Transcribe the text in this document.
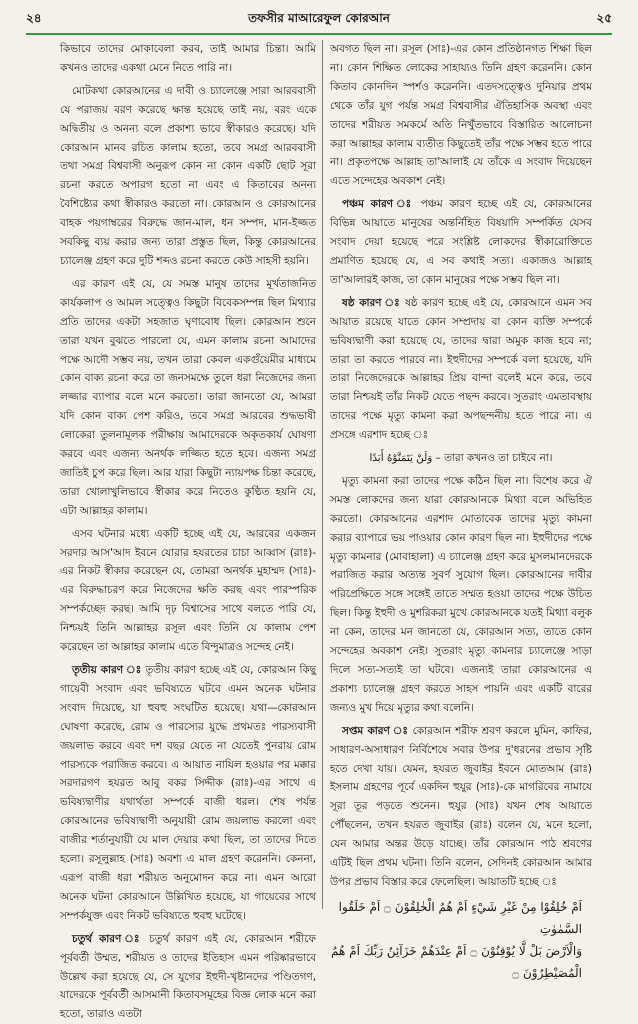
২৪	তফসীর মাআরেফুল কোরআন	২৫

কিভাবে তাদের মোকাবেলা করব, তাই আমার চিন্তা। আমি কখনও তাদের একথা মেনে নিতে পারি না।

মোটকথা কোরআনের এ দাবী ও চ্যালেঞ্জে সারা আরববাসী যে পরাজয় বরণ করেছে ক্ষান্ত হয়েছে তাই নয়, বরং একে অদ্বিতীয় ও অনন্য বলে প্রকাশ্য ভাবে স্বীকারও করেছে। যদি কোরআন মানব রচিত কালাম হতো, তবে সমগ্র আরববাসী তথা সমগ্র বিশ্ববাসী অনুরূপ কোন না কোন একটি ছোট সূরা রচনা করতে অপারগ হতো না এবং এ কিতাবের অনন্য বৈশিষ্ট্যের কথা স্বীকারও করতো না। কোরআন ও কোরআনের বাহক পয়গাম্বরের বিরুদ্ধে জান-মাল, ধন সম্পদ, মান-ইজ্জত সবকিছু ব্যয় করার জন্য তারা প্রস্তুত ছিল, কিন্তু কোরআনের চ্যালেঞ্জ গ্রহণ করে দুটি শব্দও রচনা করতে কেউ সাহসী হয়নি।

এর কারণ এই যে, যে সমস্ত মানুষ তাদের মূর্খতাজনিত কার্যকলাপ ও আমল সত্ত্বেও কিছুটা বিবেকসম্পন্ন ছিল মিথ্যার প্রতি তাদের একটা সহজাত ঘৃণাবোধ ছিল। কোরআন শুনে তারা যখন বুঝতে পারলো যে, এমন কালাম রচনা আমাদের পক্ষে আদৌ সম্ভব নয়, তখন তারা কেবল একগুঁয়েমীর মাধ্যমে কোন বাক্য রচনা করে তা জনসমক্ষে তুলে ধরা নিজেদের জন্য লজ্জার ব্যাপার বলে মনে করতো। তারা জানতো যে, আমরা যদি কোন বাক্য পেশ করিও, তবে সমগ্র আরবের শুদ্ধভাষী লোকেরা তুলনামূলক পরীক্ষায় আমাদেরকে অকৃতকার্য ঘোষণা করবে এবং এজন্য অনর্থক লজ্জিত হতে হবে। এজন্য সমগ্র জাতিই চুপ করে ছিল। আর যারা কিছুটা ন্যায়পক্ষ চিন্তা করেছে, তারা খোলাখুলিভাবে স্বীকার করে নিতেও কুণ্ঠিত হয়নি যে, এটা আল্লাহর কালাম।

এসব ঘটনার মধ্যে একটি হচ্ছে এই যে, আরবের একজন সরদার আস'আদ ইবনে যোরার হযরতের চাচা আব্বাস (রাঃ)-এর নিকট স্বীকার করেছেন যে, তোমরা অনর্থক মুহাম্মদ (সাঃ)-এর বিরুদ্ধাচরণ করে নিজেদের ক্ষতি করছ এবং পারস্পরিক সম্পর্কচ্ছেদ করছ। আমি দৃঢ় বিশ্বাসের সাথে বলতে পারি যে, নিশ্চয়ই তিনি আল্লাহর রসূল এবং তিনি যে কালাম পেশ করেছেন তা আল্লাহর কালাম এতে বিন্দুমাত্রও সন্দেহ নেই।

তৃতীয় কারণ ঃ তৃতীয় কারণ হচ্ছে এই যে, কোরআন কিছু গায়েবী সংবাদ এবং ভবিষ্যতে ঘটবে এমন অনেক ঘটনার সংবাদ দিয়েছে, যা হুবহু সংঘটিত হয়েছে। যথা—কোরআন ঘোষণা করেছে, রোম ও পারস্যের যুদ্ধে প্রথমতঃ পারস্যবাসী জয়লাভ করবে এবং দশ বছর যেতে না যেতেই পুনরায় রোম পারস্যকে পরাজিত করবে। এ আয়াত নাযিল হওয়ার পর মক্কার সরদারগণ হযরত আবু বকর সিদ্দীক (রাঃ)-এর সাথে এ ভবিষ্যদ্বাণীর যথার্থতা সম্পর্কে বাজী ধরল। শেষ পর্যন্ত কোরআনের ভবিষ্যদ্বাণী অনুযায়ী রোম জয়লাভ করলো এবং বাজীর শর্তানুযায়ী যে মাল দেয়ার কথা ছিল, তা তাদের দিতে হলো। রসূলুল্লাহ (সাঃ) অবশ্য এ মাল গ্রহণ করেননি। কেননা, এরূপ বাজী ধরা শরীয়ত অনুমোদন করে না। এমন আরো অনেক ঘটনা কোরআনে উল্লিখিত হয়েছে, যা গায়েবের সাথে সম্পর্কযুক্ত এবং নিকট ভবিষ্যতে হুবহু ঘটেছে।

চতুর্থ কারণ ঃ চতুর্থ কারণ এই যে, কোরআন শরীফে পূর্ববর্তী উম্মত, শরীয়ত ও তাদের ইতিহাস এমন পরিষ্কারভাবে উল্লেখ করা হয়েছে যে, সে যুগের ইহুদী-খৃষ্টানদের পণ্ডিতগণ, যাদেরকে পূর্ববর্তী আসমানী কিতাবসমূহের বিজ্ঞ লোক মনে করা হতো, তারাও এতটা

অবগত ছিল না। রসূল (সাঃ)-এর কোন প্রতিষ্ঠানগত শিক্ষা ছিল না। কোন শিক্ষিত লোকের সাহায্যও তিনি গ্রহণ করেননি। কোন কিতাব কোনদিন স্পর্শও করেননি। এতদসত্ত্বেও দুনিয়ার প্রথম থেকে তাঁর যুগ পর্যন্ত সমগ্র বিশ্ববাসীর ঐতিহাসিক অবস্থা এবং তাদের শরীয়ত সমকর্মে অতি নিখুঁতভাবে বিস্তারিত আলোচনা করা আল্লাহর কালাম ব্যতীত কিছুতেই তাঁর পক্ষে সম্ভব হতে পারে না। প্রকৃতপক্ষে আল্লাহ তা'আলাই যে তাঁকে এ সংবাদ দিয়েছেন এতে সন্দেহের অবকাশ নেই।

পঞ্চম কারণ ঃ পঞ্চম কারণ হচ্ছে এই যে, কোরআনের বিভিন্ন আয়াতে মানুষের অন্তর্নিহিত বিষয়াদি সম্পর্কিত যেসব সংবাদ দেয়া হয়েছে পরে সংশ্লিষ্ট লোকদের স্বীকারোক্তিতে প্রমাণিত হয়েছে যে, এ সব কথাই সত্য। একাজও আল্লাহ তা'আলারই কাজ, তা কোন মানুষের পক্ষে সম্ভব ছিল না।

ষষ্ঠ কারণ ঃ ষষ্ঠ কারণ হচ্ছে এই যে, কোরআনে এমন সব আয়াত রয়েছে যাতে কোন সম্প্রদায় বা কোন ব্যক্তি সম্পর্কে ভবিষ্যদ্বাণী করা হয়েছে যে, তাদের দ্বারা অমুক কাজ হবে না; তারা তা করতে পারবে না। ইহুদীদের সম্পর্কে বলা হয়েছে, যদি তারা নিজেদেরকে আল্লাহর প্রিয় বান্দা বলেই মনে করে, তবে তারা নিশ্চয়ই তাঁর নিকট যেতে পছন্দ করবে। সুতরাং এমতাবস্থায় তাদের পক্ষে মৃত্যু কামনা করা অপছন্দনীয় হতে পারে না। এ প্রসঙ্গে এরশাদ হচ্ছে ঃ

وَلَنْ يَتَمَنَّوْهُ أَبَدًا – তারা কখনও তা চাইবে না।

মৃত্যু কামনা করা তাদের পক্ষে কঠিন ছিল না। বিশেষ করে ঐ সমস্ত লোকদের জন্য যারা কোরআনকে মিথ্যা বলে অভিহিত করতো। কোরআনের এরশাদ মোতাবেক তাদের মৃত্যু কামনা করার ব্যাপারে ভয় পাওয়ার কোন কারণ ছিল না। ইহুদীদের পক্ষে মৃত্যু কামনার (মোবাহালা) এ চ্যালেঞ্জ গ্রহণ করে মুসলমানদেরকে পরাজিত করার অত্যন্ত সুবর্ণ সুযোগ ছিল। কোরআনের দাবীর পরিপ্রেক্ষিতে সঙ্গে সঙ্গেই তাতে সম্মত হওয়া তাদের পক্ষে উচিত ছিল। কিন্তু ইহুদী ও মুশরিকরা মুখে কোরআনকে যতই মিথ্যা বলুক না কেন, তাদের মন জানতো যে, কোরআন সত্য, তাতে কোন সন্দেহের অবকাশ নেই। সুতরাং মৃত্যু কামনার চ্যালেঞ্জে সাড়া দিলে সত্য-সত্যই তা ঘটবে। এজন্যই তারা কোরআনের এ প্রকাশ্য চ্যালেঞ্জ গ্রহণ করতে সাহস পায়নি এবং একটি বারের জন্যও মুখ দিয়ে মৃত্যুর কথা বলেনি।

সপ্তম কারণ ঃ কোরআন শরীফ শ্রবণ করলে মুমিন, কাফির, সাধারণ-অসাধারণ নির্বিশেষে সবার উপর দু'ধরনের প্রভাব সৃষ্টি হতে দেখা যায়। যেমন, হযরত জুবাইর ইবনে মোতআম (রাঃ) ইসলাম গ্রহণের পূর্বে একদিন হুযুর (সাঃ)-কে মাগরিবের নামাযে সূরা তূর পড়তে শুনেন। হুযুর (সাঃ) যখন শেষ আয়াতে পৌঁছলেন, তখন হযরত জুবাইর (রাঃ) বলেন যে, মনে হলো, যেন আমার অন্তর উড়ে যাচ্ছে। তাঁর কোরআন পাঠ শ্রবণের এটিই ছিল প্রথম ঘটনা। তিনি বলেন, সেদিনই কোরআন আমার উপর প্রভাব বিস্তার করে ফেলেছিল। আয়াতটি হচ্ছে ঃ

اَمْ خُلِقُوْا مِنْ غَيْرِ شَيْءٍ اَمْ هُمُ الْخٰلِقُوْنَ ۝ اَمْ خَلَقُوا السَّمٰوٰتِ
وَالْاَرْضَ بَلْ لَّا يُوْقِنُوْنَ ۝ اَمْ عِنْدَهُمْ خَزَآئِنُ رَبِّكَ اَمْ هُمُ
الْمُصَيْطِرُوْنَ ۝
